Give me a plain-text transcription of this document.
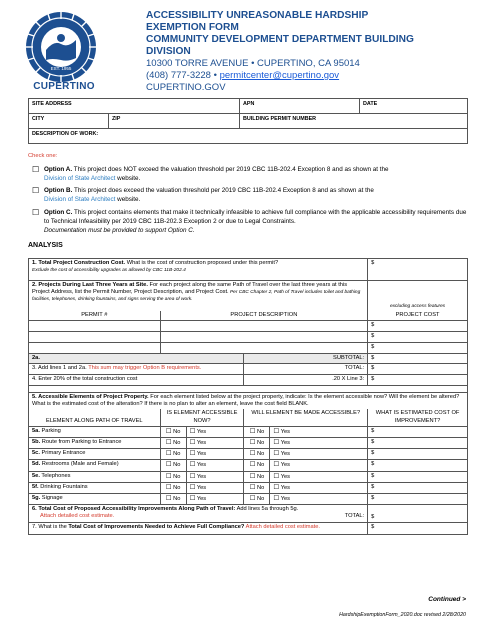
EST. 1955
CUPERTINO
ACCESSIBILITY UNREASONABLE HARDSHIP
EXEMPTION FORM
COMMUNITY DEVELOPMENT DEPARTMENT BUILDING
DIVISION
10300 TORRE AVENUE • CUPERTINO, CA 95014
(408) 777-3228 • permitcenter@cupertino.gov
CUPERTINO.GOV
SITE ADDRESS		APN	DATE
CITY	ZIP	BUILDING PERMIT NUMBER	
DESCRIPTION OF WORK:			
Check one:
☐ Option A. This project does NOT exceed the valuation threshold per 2019 CBC 11B-202.4 Exception 8 and as shown at the
Division of State Architect website.
☐ Option B. This project does exceed the valuation threshold per 2019 CBC 11B-202.4 Exception 8 and as shown at the
Division of State Architect website.
☐ Option C. This project contains elements that make it technically infeasible to achieve full compliance with the applicable accessibility requirements due to Technical Infeasibility per 2019 CBC 11B-202.3 Exception 2 or due to Legal Constraints.
Documentation must be provided to support Option C.
ANALYSIS
1. Total Project Construction Cost. What is the cost of construction proposed under this permit?
Exclude the cost of accessibility upgrades as allowed by CBC 11B-202.4					$
2. Projects During Last Three Years at Site. For each project along the same Path of Travel over the last three years at this Project Address, list the Permit Number, Project Description, and Project Cost. Per CBC Chapter 2, Path of Travel includes toilet and bathing facilities, telephones, drinking fountains, and signs serving the area of work.					excluding access features

PERMIT #	PROJECT DESCRIPTION				PROJECT COST
					$
					$
					$
2a.			SUBTOTAL:		$
3. Add lines 1 and 2a. This sum may trigger Option B requirements.			TOTAL:		$
4. Enter 20% of the total construction cost			.20 X Line 3:		$

5. Accessible Elements of Project Property. For each element listed below at the project property, indicate: Is the element accessible now? Will the element be altered? What is the estimated cost of the alteration? If there is no plan to alter an element, leave the cost field BLANK.					
ELEMENT ALONG PATH OF TRAVEL	IS ELEMENT ACCESSIBLE NOW?		WILL ELEMENT BE MADE ACCESSIBLE?		WHAT IS ESTIMATED COST OF IMPROVEMENT?
5a. Parking	☐ No	☐ Yes	☐ No	☐ Yes	$
5b. Route from Parking to Entrance	☐ No	☐ Yes	☐ No	☐ Yes	$
5c. Primary Entrance	☐ No	☐ Yes	☐ No	☐ Yes	$
5d. Restrooms (Male and Female)	☐ No	☐ Yes	☐ No	☐ Yes	$
5e. Telephones	☐ No	☐ Yes	☐ No	☐ Yes	$
5f. Drinking Fountains	☐ No	☐ Yes	☐ No	☐ Yes	$
5g. Signage	☐ No	☐ Yes	☐ No	☐ Yes	$
6. Total Cost of Proposed Accessibility Improvements Along Path of Travel: Add lines 5a through 5g.
Attach detailed cost estimate. TOTAL:					$
7. What is the Total Cost of Improvements Needed to Achieve Full Compliance? Attach detailed cost estimate.					$
Continued >
HardshipExemptionForm_2020.doc revised 2/28/2020
